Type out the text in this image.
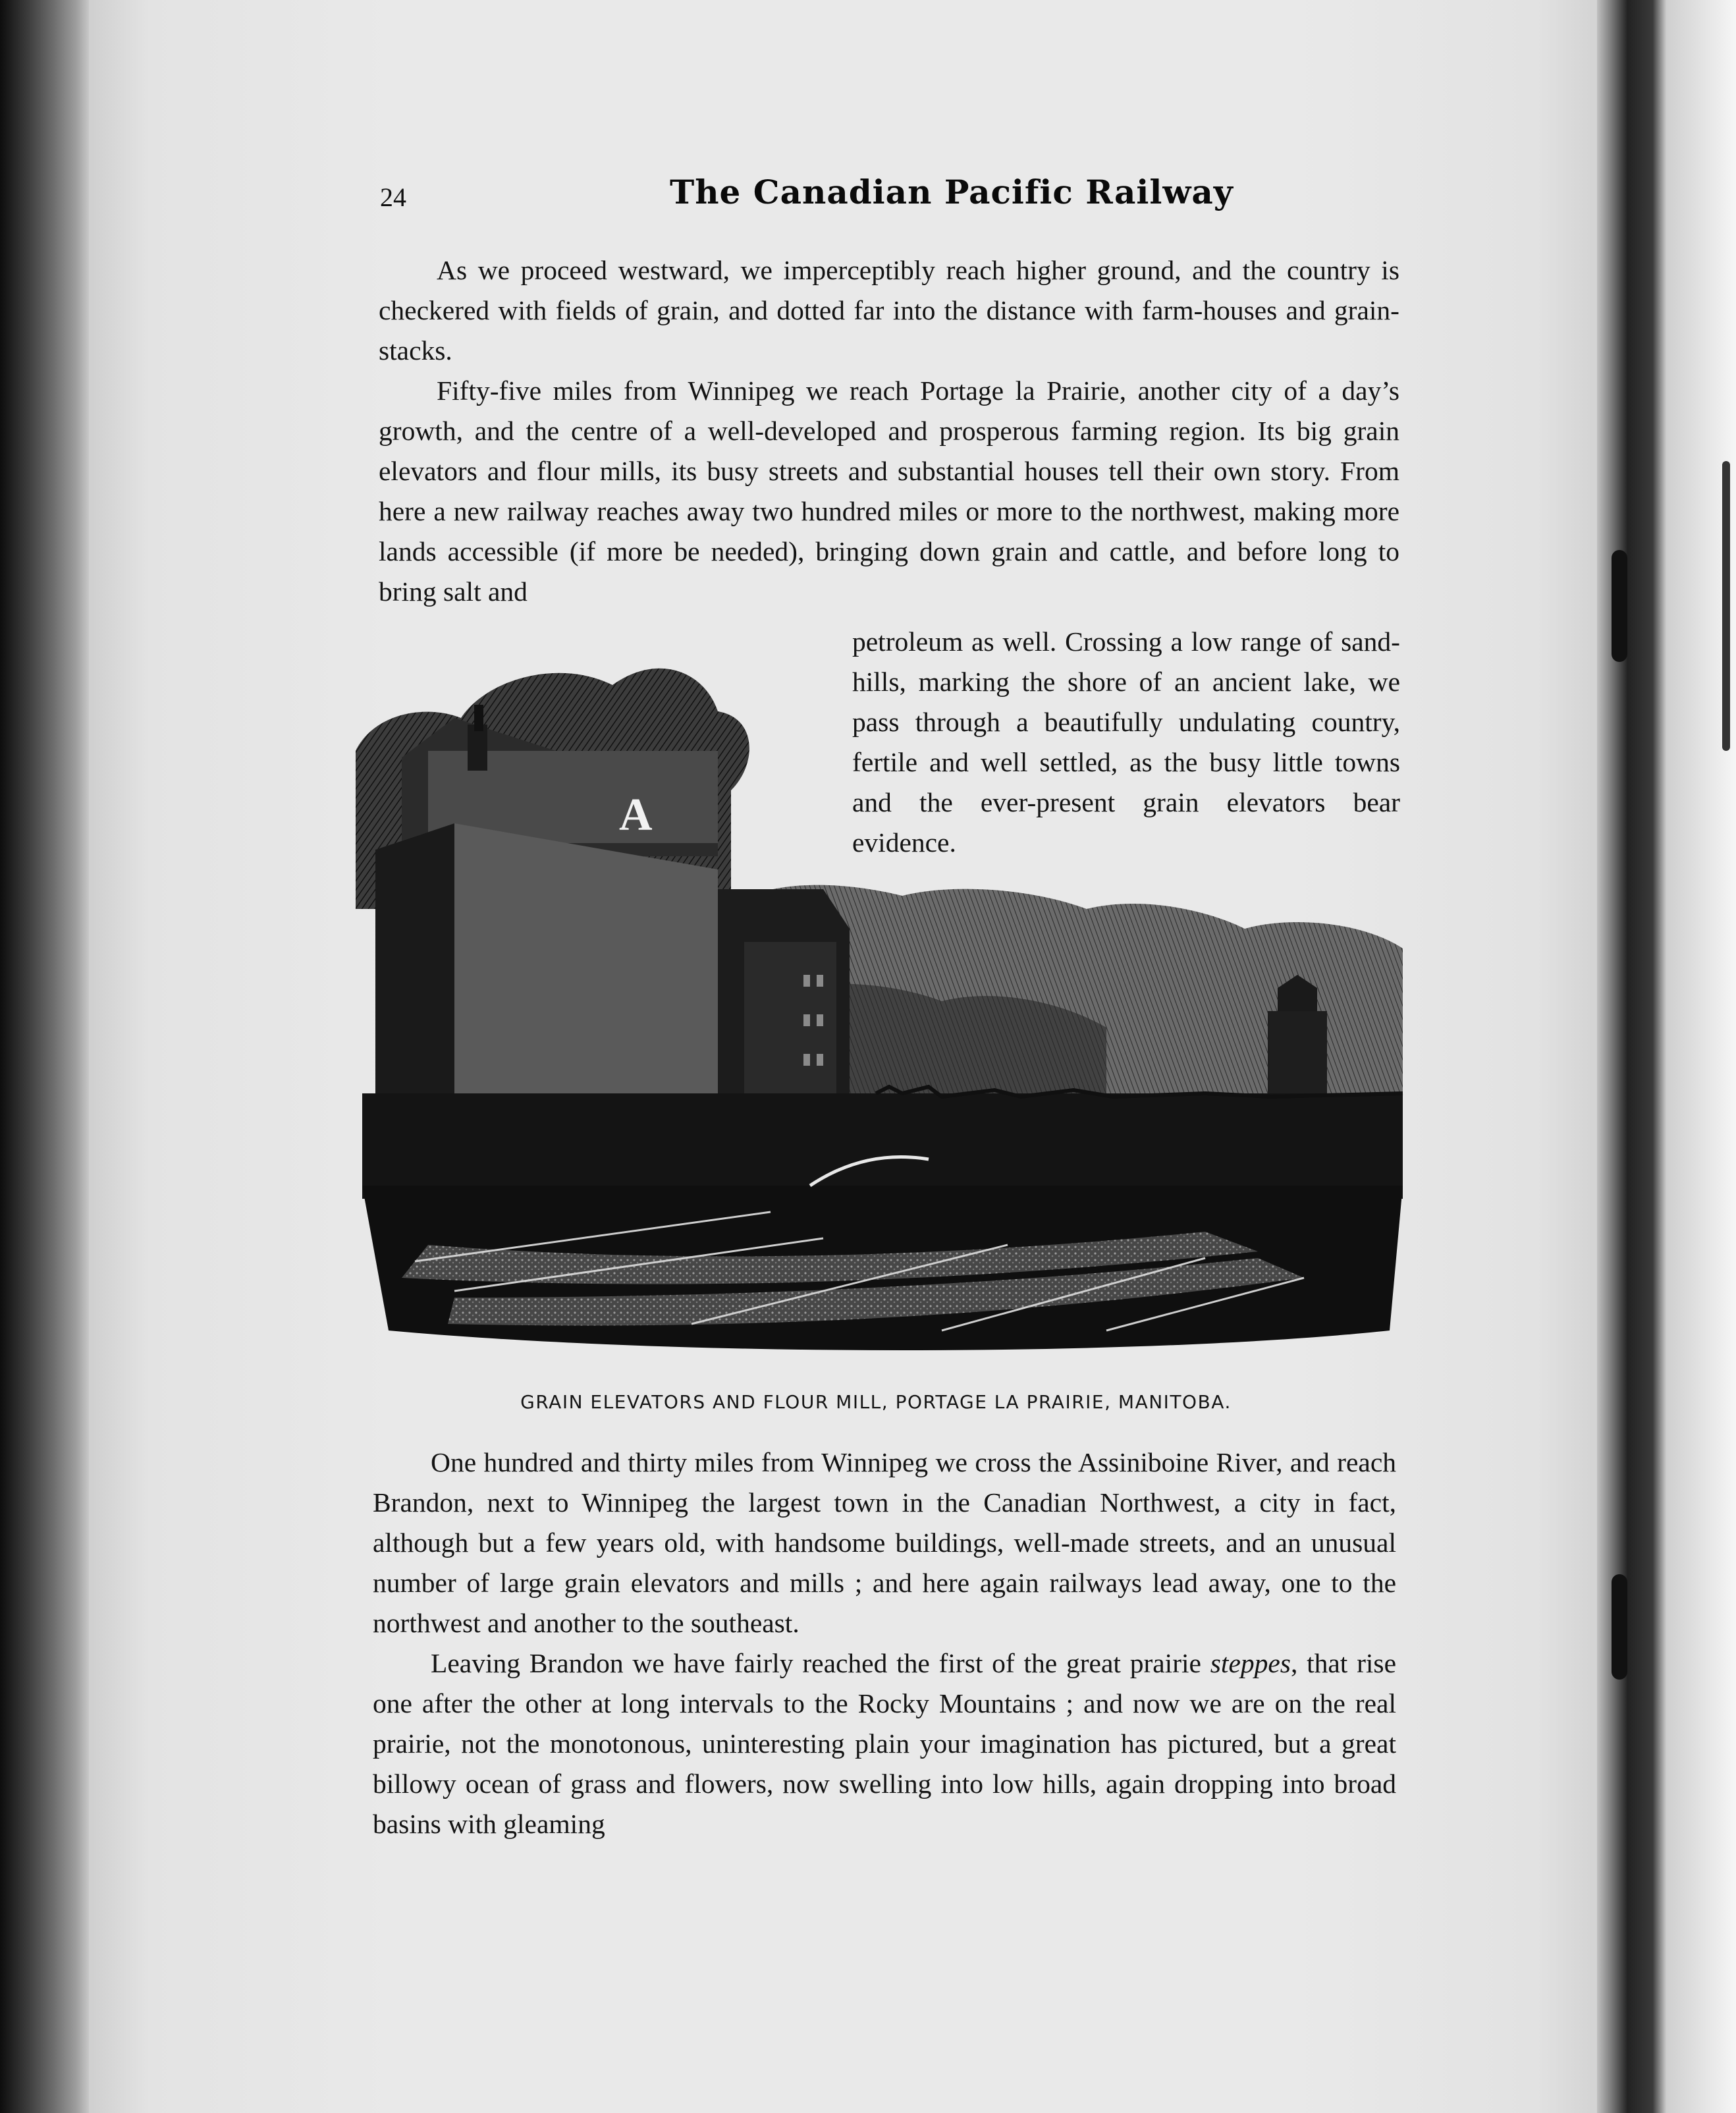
24	The Canadian Pacific Railway

As we proceed westward, we imperceptibly reach higher ground, and the country is checkered with fields of grain, and dotted far into the distance with farm-houses and grain-stacks.

Fifty-five miles from Winnipeg we reach Portage la Prairie, another city of a day’s growth, and the centre of a well-developed and prosperous farming region. Its big grain elevators and flour mills, its busy streets and substantial houses tell their own story. From here a new railway reaches away two hundred miles or more to the northwest, making more lands accessible (if more be needed), bringing down grain and cattle, and before long to bring salt and

petroleum as well. Crossing a low range of sand-hills, marking the shore of an ancient lake, we pass through a beautifully undulating country, fertile and well settled, as the busy little towns and the ever-present grain elevators bear evidence.

A
GRAIN ELEVATORS AND FLOUR MILL, PORTAGE LA PRAIRIE, MANITOBA.

One hundred and thirty miles from Winnipeg we cross the Assiniboine River, and reach Brandon, next to Winnipeg the largest town in the Canadian Northwest, a city in fact, although but a few years old, with handsome buildings, well-made streets, and an unusual number of large grain elevators and mills ; and here again railways lead away, one to the northwest and another to the southeast.

Leaving Brandon we have fairly reached the first of the great prairie steppes, that rise one after the other at long intervals to the Rocky Mountains ; and now we are on the real prairie, not the monotonous, uninteresting plain your imagination has pictured, but a great billowy ocean of grass and flowers, now swelling into low hills, again dropping into broad basins with gleaming
